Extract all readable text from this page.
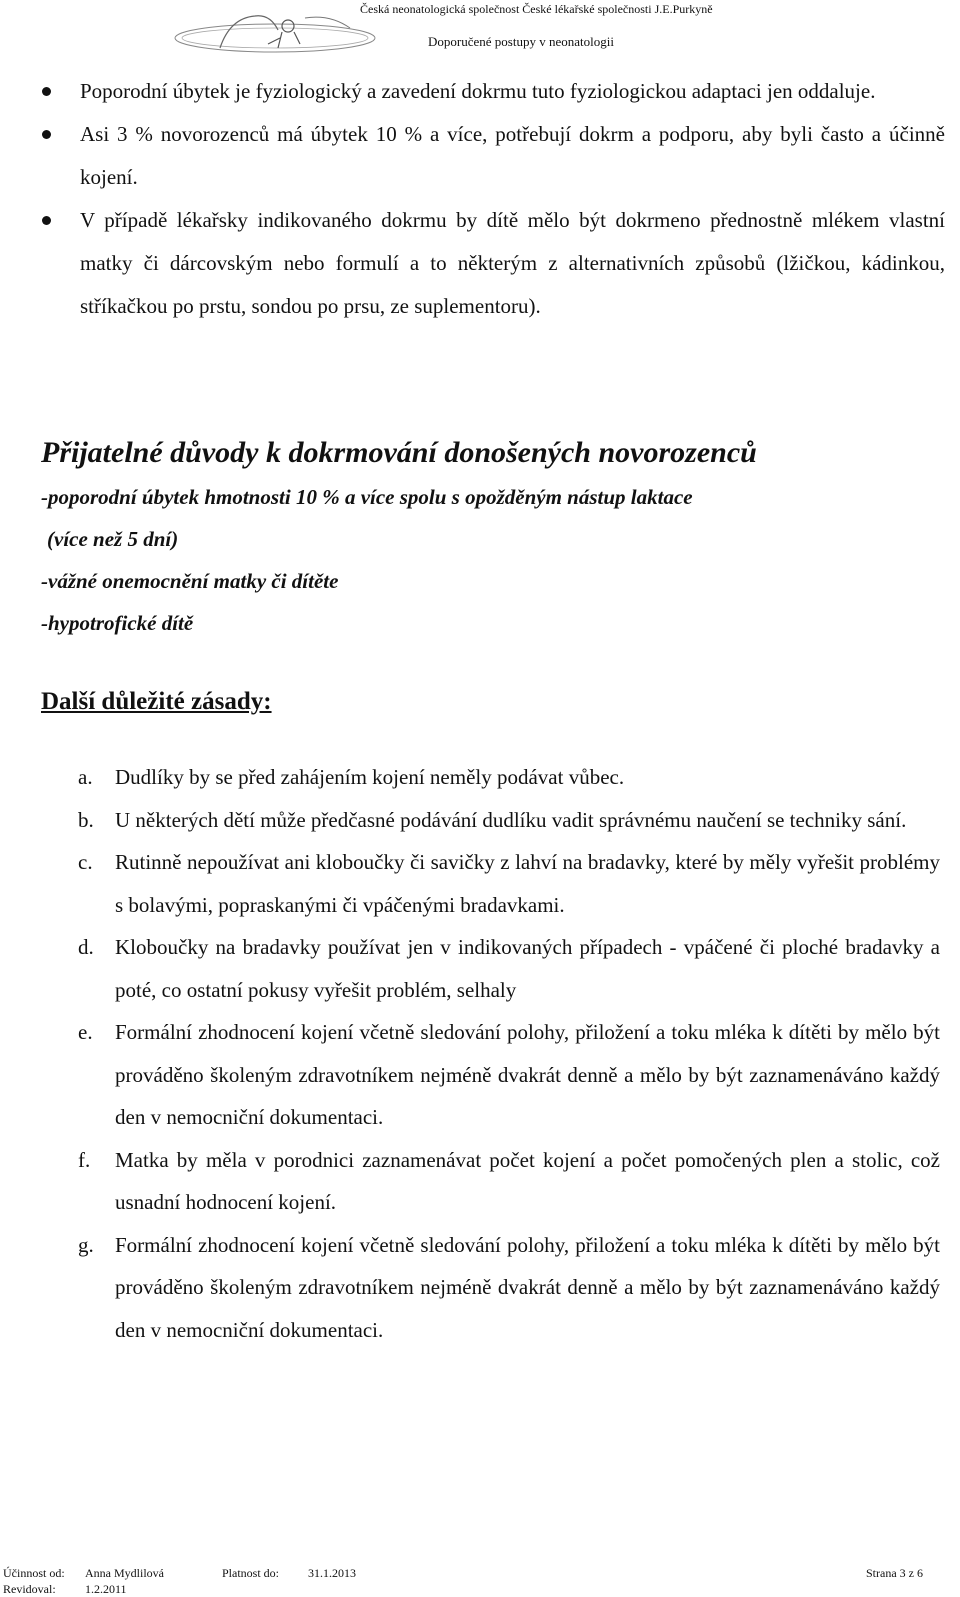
Česká neonatologická společnost České lékařské společnosti J.E.Purkyně
Doporučené postupy v neonatologii
Poporodní úbytek je fyziologický a zavedení dokrmu tuto fyziologickou adaptaci jen oddaluje.
Asi 3 % novorozenců má úbytek 10 % a více, potřebují dokrm a podporu, aby byli často a účinně kojení.
V případě lékařsky indikovaného dokrmu by dítě mělo být dokrmeno přednostně mlékem vlastní matky či dárcovským nebo formulí a to některým z alternativních způsobů (lžičkou, kádinkou, stříkačkou po prstu, sondou po prsu, ze suplementoru).
Přijatelné důvody k dokrmování donošených novorozenců
-poporodní úbytek hmotnosti 10 % a více spolu s opožděným nástup laktace
(více než 5 dní)
-vážné onemocnění matky či dítěte
-hypotrofické dítě
Další důležité zásady:
a. Dudlíky by se před zahájením kojení neměly podávat vůbec.
b. U některých dětí může předčasné podávání dudlíku vadit správnému naučení se techniky sání.
c. Rutinně nepoužívat ani kloboučky či savičky z lahví na bradavky, které by měly vyřešit problémy s bolavými, popraskanými či vpáčenými bradavkami.
d. Kloboučky na bradavky používat jen v indikovaných případech - vpáčené či ploché bradavky a poté, co ostatní pokusy vyřešit problém, selhaly
e. Formální zhodnocení kojení včetně sledování polohy, přiložení a toku mléka k dítěti by mělo být prováděno školeným zdravotníkem nejméně dvakrát denně a mělo by být zaznamenáváno každý den v nemocniční dokumentaci.
f. Matka by měla v porodnici zaznamenávat počet kojení a počet pomočených plen a stolic, což usnadní hodnocení kojení.
g. Formální zhodnocení kojení včetně sledování polohy, přiložení a toku mléka k dítěti by mělo být prováděno školeným zdravotníkem nejméně dvakrát denně a mělo by být zaznamenáváno každý den v nemocniční dokumentaci.
Účinnost od: Anna Mydlilová	Platnost do: 31.1.2013	Strana 3 z 6
Revidoval: 1.2.2011
